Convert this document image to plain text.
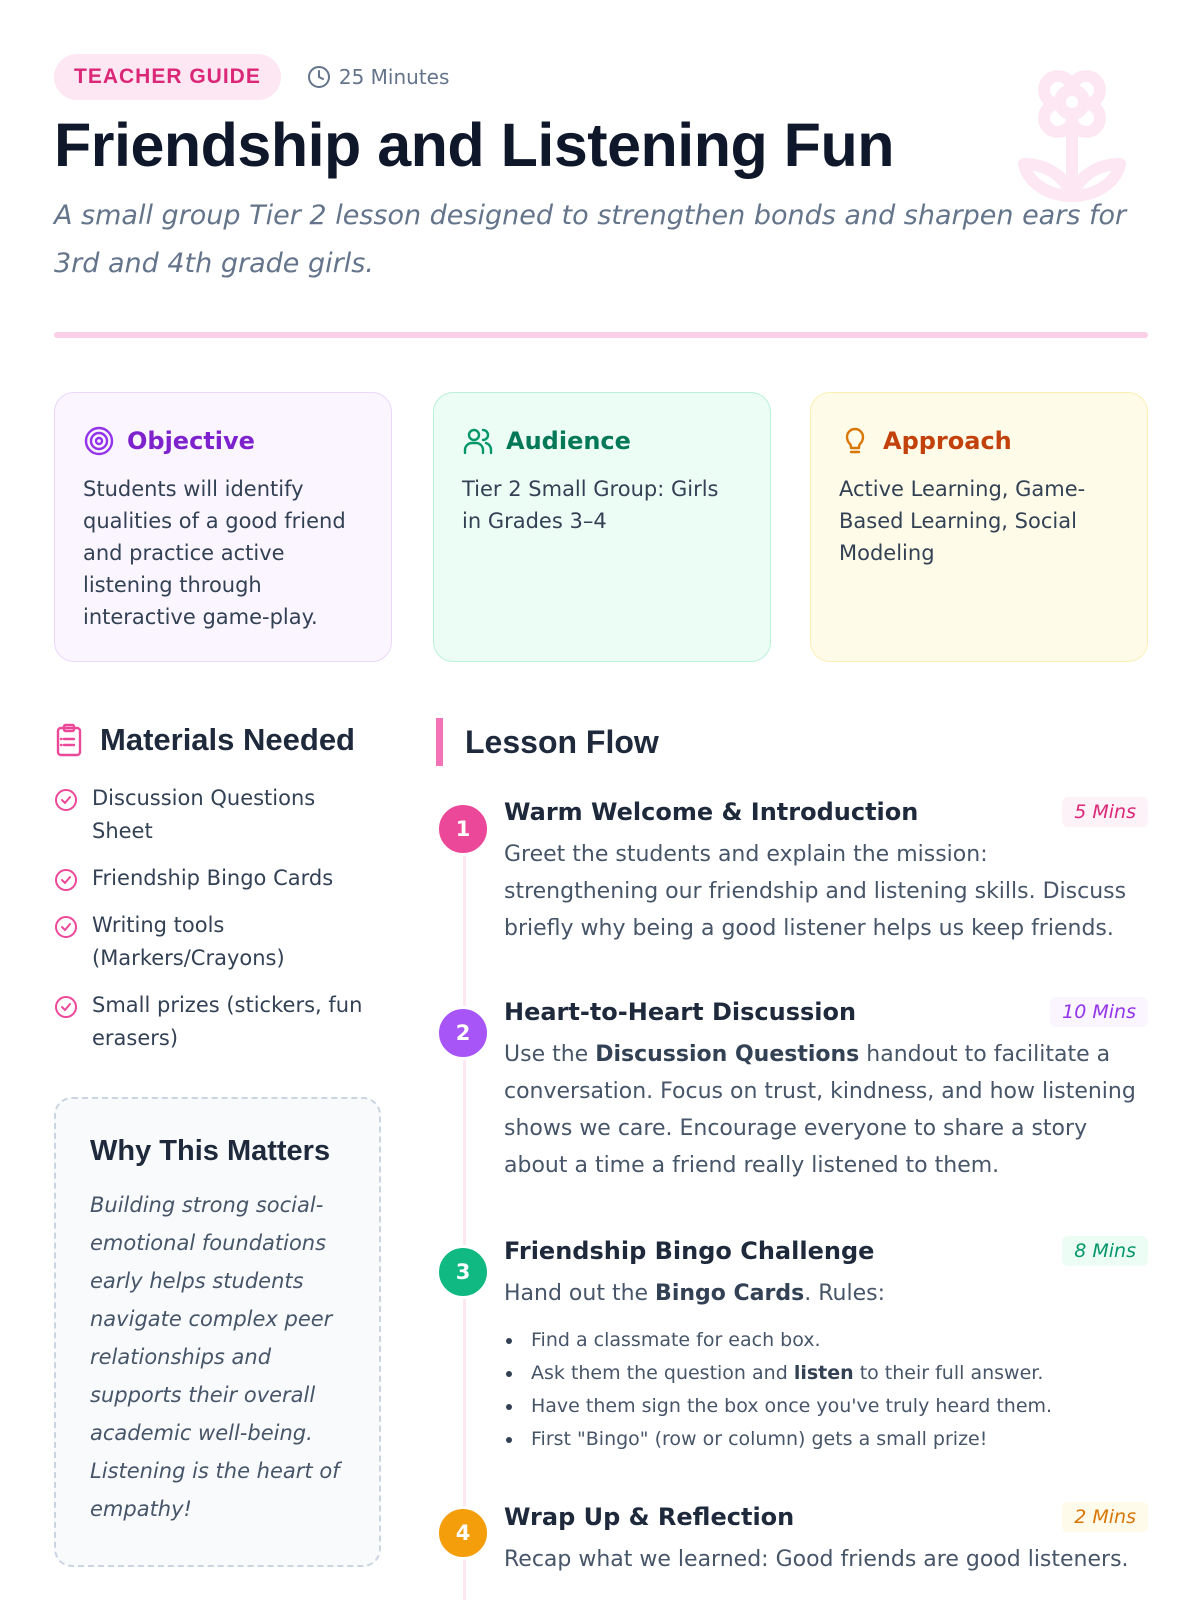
TEACHER GUIDE	25 Minutes
Friendship and Listening Fun

A small group Tier 2 lesson designed to strengthen bonds and sharpen ears for 3rd and 4th grade girls.

Objective
Students will identify qualities of a good friend and practice active listening through interactive game-play.
Audience
Tier 2 Small Group: Girls in Grades 3–4
Approach
Active Learning, Game-Based Learning, Social Modeling
Materials Needed
Discussion Questions Sheet
Friendship Bingo Cards
Writing tools (Markers/Crayons)
Small prizes (stickers, fun erasers)
Why This Matters
Building strong social-emotional foundations early helps students navigate complex peer relationships and supports their overall academic well-being. Listening is the heart of empathy!
Lesson Flow
1
Warm Welcome & Introduction	5 Mins

Greet the students and explain the mission: strengthening our friendship and listening skills. Discuss briefly why being a good listener helps us keep friends.

2
Heart-to-Heart Discussion	10 Mins

Use the Discussion Questions handout to facilitate a conversation. Focus on trust, kindness, and how listening shows we care. Encourage everyone to share a story about a time a friend really listened to them.

3
Friendship Bingo Challenge	8 Mins

Hand out the Bingo Cards. Rules:

Find a classmate for each box.
Ask them the question and listen to their full answer.
Have them sign the box once you've truly heard them.
First "Bingo" (row or column) gets a small prize!
4
Wrap Up & Reflection	2 Mins

Recap what we learned: Good friends are good listeners.
